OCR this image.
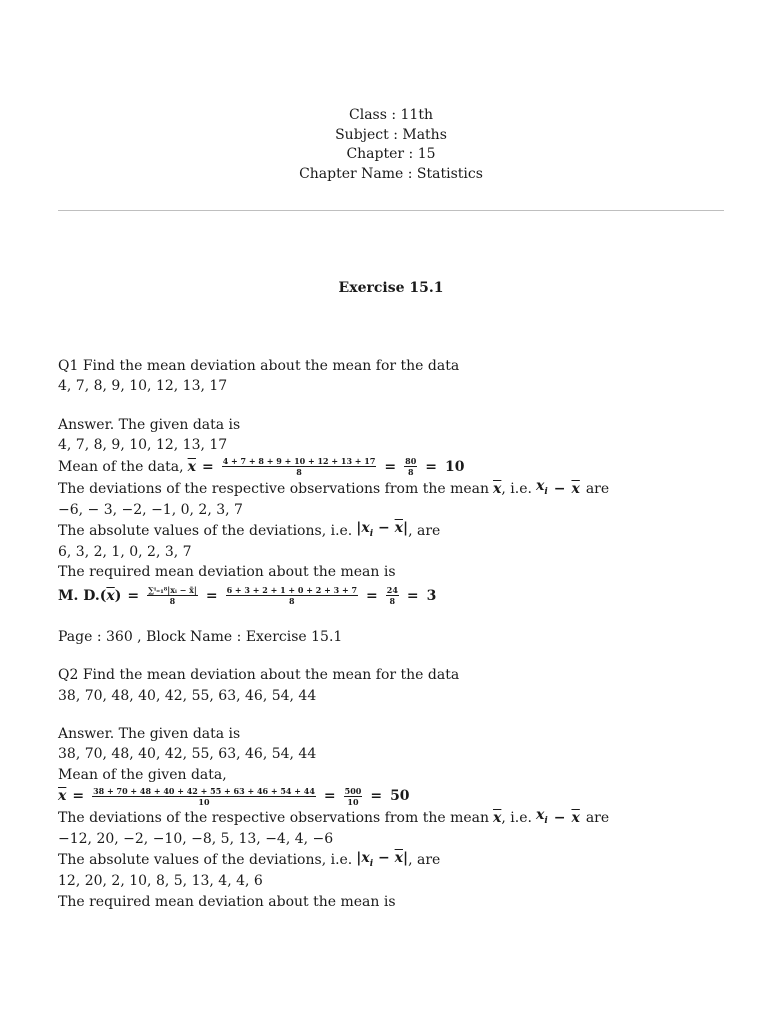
Class : 11th
Subject : Maths
Chapter : 15
Chapter Name : Statistics
Exercise 15.1
Q1 Find the mean deviation about the mean for the data
4, 7, 8, 9, 10, 12, 13, 17
Answer. The given data is
4, 7, 8, 9, 10, 12, 13, 17
Mean of the data, $\overline{x} = \frac{4 + 7 + 8 + 9 + 10 + 12 + 13 + 17}{8} = \frac{80}{8} = 10$
The deviations of the respective observations from the mean $\overline{x}$ , i.e. $x_i - \overline{x}$ are
−6, − 3, −2, −1, 0, 2, 3, 7
The absolute values of the deviations, i.e. $|x_i - \overline{x}|$ , are
6, 3, 2, 1, 0, 2, 3, 7
The required mean deviation about the mean is
M. D. $(\overline{x}) = \frac{\text{∑ⁱ₌₁⁸|xᵢ − x̄|}}{8} = \frac{6 + 3 + 2 + 1 + 0 + 2 + 3 + 7}{8} = \frac{24}{8} = 3$
Page : 360 , Block Name : Exercise 15.1
Q2 Find the mean deviation about the mean for the data
38, 70, 48, 40, 42, 55, 63, 46, 54, 44
Answer. The given data is
38, 70, 48, 40, 42, 55, 63, 46, 54, 44
Mean of the given data,
$\overline{x} = \frac{38 + 70 + 48 + 40 + 42 + 55 + 63 + 46 + 54 + 44}{10} = \frac{500}{10} = 50$
The deviations of the respective observations from the mean $\overline{x}$ , i.e. $x_i - \overline{x}$ are
−12, 20, −2, −10, −8, 5, 13, −4, 4, −6
The absolute values of the deviations, i.e. $|x_i - \overline{x}|$ , are
12, 20, 2, 10, 8, 5, 13, 4, 4, 6
The required mean deviation about the mean is
